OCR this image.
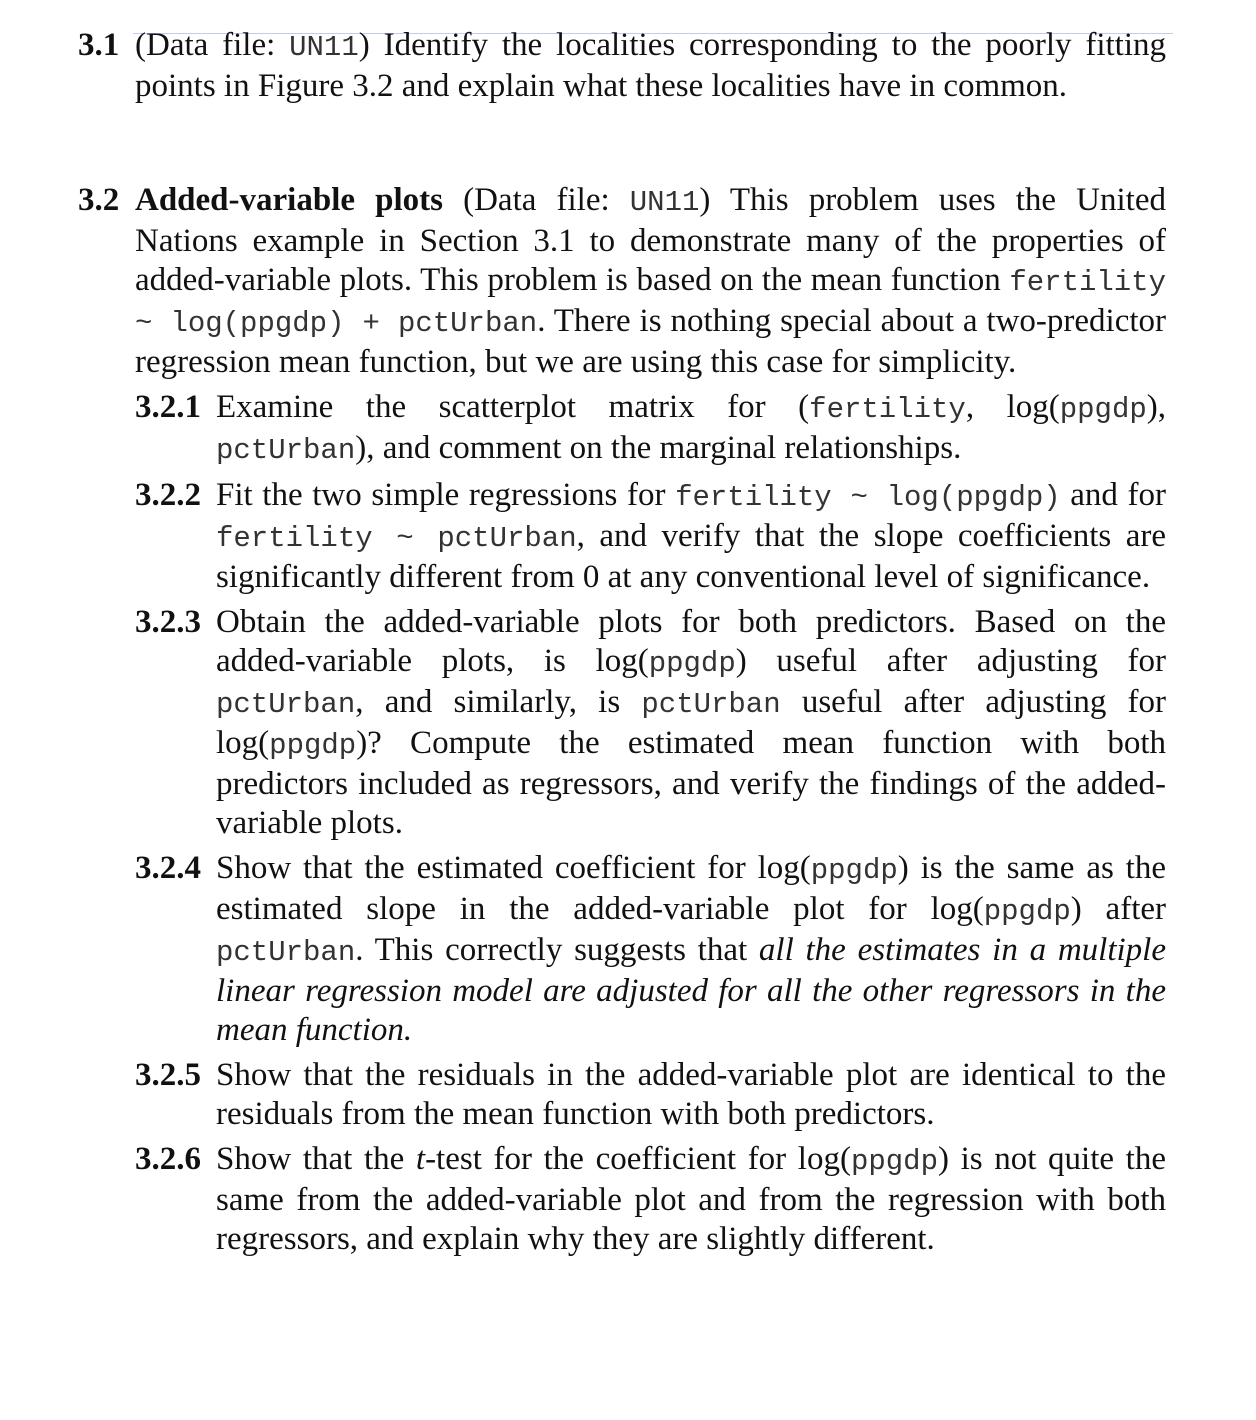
3.1 (Data file: UN11) Identify the localities corresponding to the poorly fitting points in Figure 3.2 and explain what these localities have in common.
3.2 Added-variable plots (Data file: UN11) This problem uses the United Nations example in Section 3.1 to demonstrate many of the properties of added-variable plots. This problem is based on the mean function fertility ~ log(ppgdp) + pctUrban. There is nothing special about a two-predictor regression mean function, but we are using this case for simplicity.
3.2.1 Examine the scatterplot matrix for (fertility, log(ppgdp), pctUrban), and comment on the marginal relationships.
3.2.2 Fit the two simple regressions for fertility ~ log(ppgdp) and for fertility ~ pctUrban, and verify that the slope coefficients are significantly different from 0 at any conventional level of significance.
3.2.3 Obtain the added-variable plots for both predictors. Based on the added-variable plots, is log(ppgdp) useful after adjusting for pctUrban, and similarly, is pctUrban useful after adjusting for log(ppgdp)? Compute the estimated mean function with both predictors included as regressors, and verify the findings of the added-variable plots.
3.2.4 Show that the estimated coefficient for log(ppgdp) is the same as the estimated slope in the added-variable plot for log(ppgdp) after pctUrban. This correctly suggests that all the estimates in a multiple linear regression model are adjusted for all the other regressors in the mean function.
3.2.5 Show that the residuals in the added-variable plot are identical to the residuals from the mean function with both predictors.
3.2.6 Show that the t-test for the coefficient for log(ppgdp) is not quite the same from the added-variable plot and from the regression with both regressors, and explain why they are slightly different.
